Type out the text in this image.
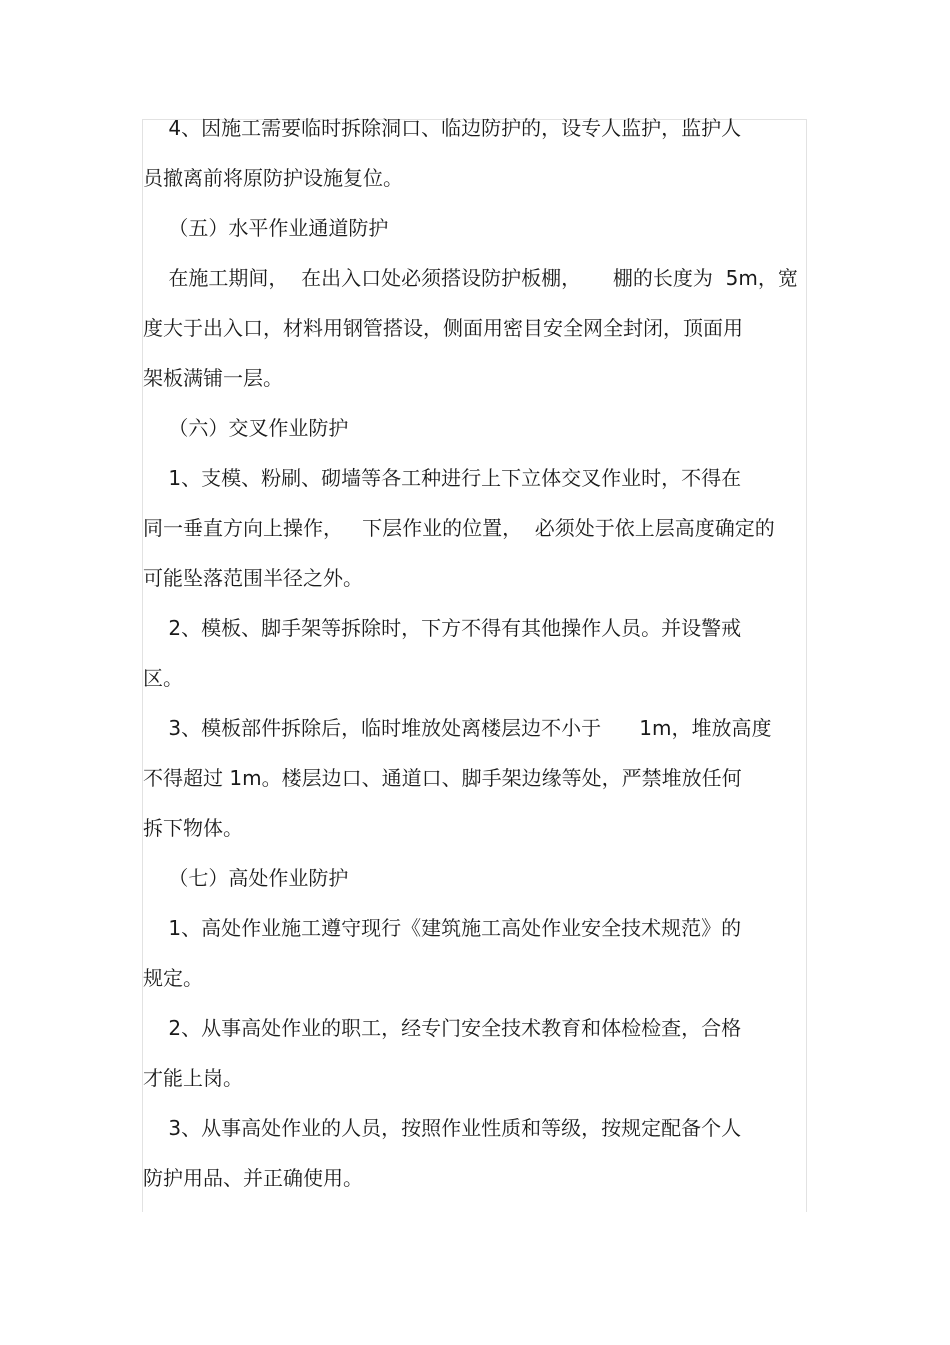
4、因施工需要临时拆除洞口、临边防护的，设专人监护，监护人

员撤离前将原防护设施复位。

（五）水平作业通道防护

在施工期间，  在出入口处必须搭设防护板棚，     棚的长度为  5m，宽

度大于出入口，材料用钢管搭设，侧面用密目安全网全封闭，顶面用

架板满铺一层。

（六）交叉作业防护

1、支模、粉刷、砌墙等各工种进行上下立体交叉作业时，不得在

同一垂直方向上操作，   下层作业的位置，  必须处于依上层高度确定的

可能坠落范围半径之外。

2、模板、脚手架等拆除时，下方不得有其他操作人员。并设警戒

区。

3、模板部件拆除后，临时堆放处离楼层边不小于      1m，堆放高度

不得超过 1m。楼层边口、通道口、脚手架边缘等处，严禁堆放任何

拆下物体。

（七）高处作业防护

1、高处作业施工遵守现行《建筑施工高处作业安全技术规范》的

规定。

2、从事高处作业的职工，经专门安全技术教育和体检检查，合格

才能上岗。

3、从事高处作业的人员，按照作业性质和等级，按规定配备个人

防护用品、并正确使用。
